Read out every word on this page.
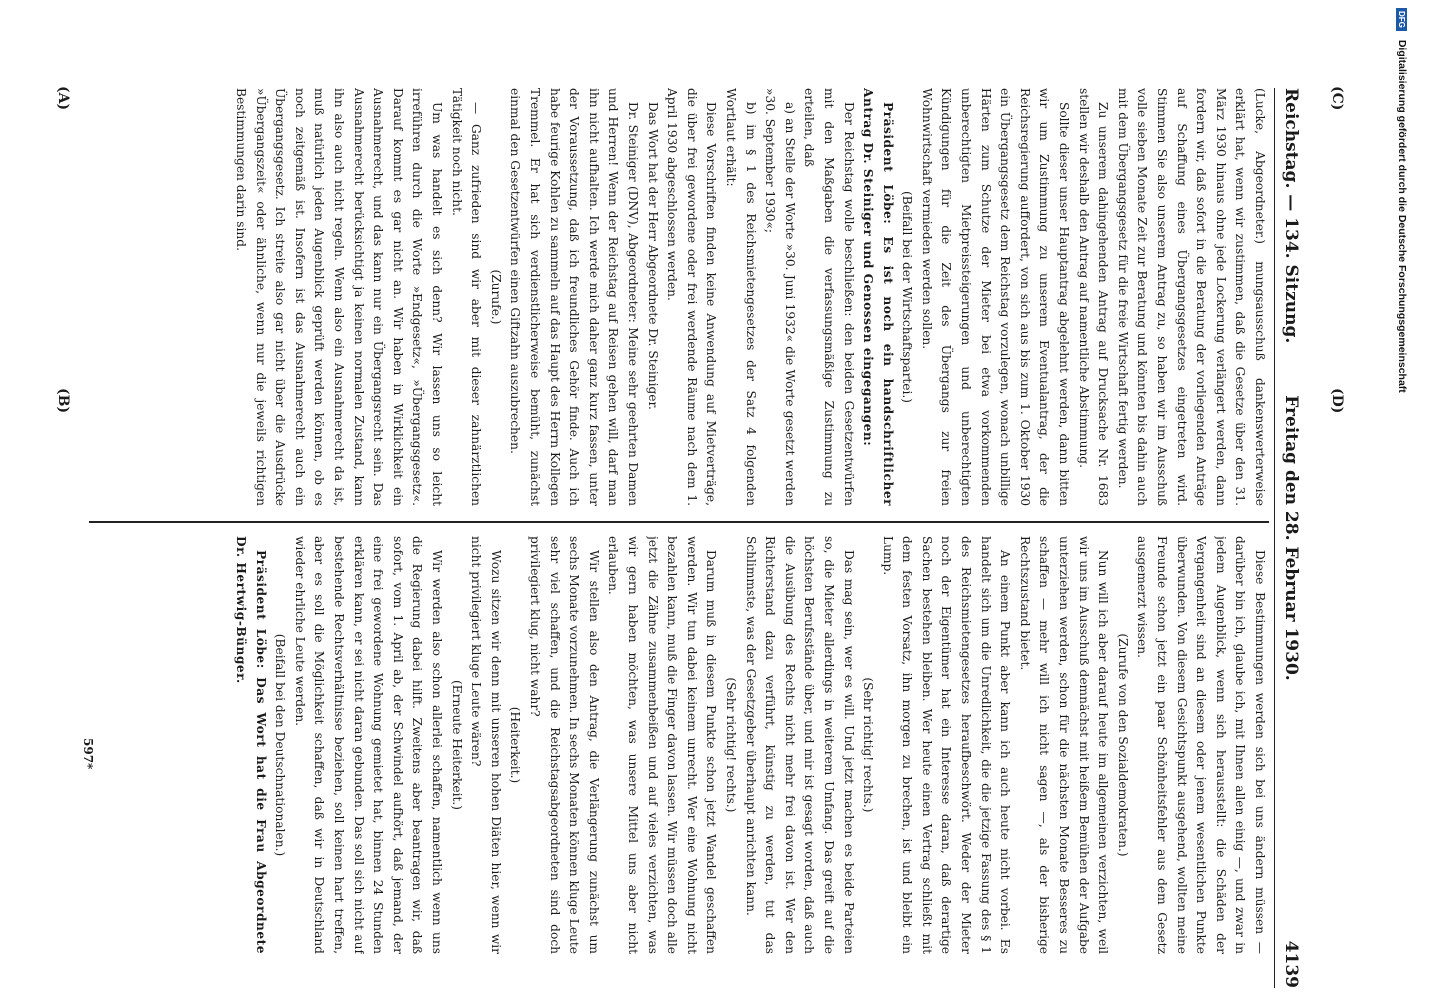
Reichstag. — 134. Sitzung.
Freitag den 28. Februar 1930.
4139

(Lucke, Abgeordneter.) mungsausschuß dankenswerterweise erklärt hat, wenn wir zustimmen, daß die Gesetze über den 31. März 1930 hinaus ohne jede Lockerung verlängert werden, dann fordern wir, daß sofort in die Beratung der vorliegenden Anträge auf Schaffung eines Übergangsgesetzes eingetreten wird. Stimmen Sie also unserem Antrag zu, so haben wir im Ausschuß volle sieben Monate Zeit zur Beratung und könnten bis dahin auch mit dem Übergangsgesetz für die freie Wirtschaft fertig werden.

Zu unserem dahingehenden Antrag auf Drucksache Nr. 1683 stellen wir deshalb den Antrag auf namentliche Abstimmung.

Sollte dieser unser Hauptantrag abgelehnt werden, dann bitten wir um Zustimmung zu unserem Eventualantrag, der die Reichsregierung auffordert, von sich aus bis zum 1. Oktober 1930 ein Übergangsgesetz dem Reichstag vorzulegen, wonach unbillige Härten zum Schutze der Mieter bei etwa vorkommenden unberechtigten Mietpreissteigerungen und unberechtigten Kündigungen für die Zeit des Übergangs zur freien Wohnwirtschaft vermieden werden sollen.

(Beifall bei der Wirtschaftspartei.)

Präsident Löbe: Es ist noch ein handschriftlicher Antrag Dr. Steiniger und Genossen eingegangen:

Der Reichstag wolle beschließen: den beiden Gesetzentwürfen mit den Maßgaben die verfassungsmäßige Zustimmung zu erteilen, daß

a) an Stelle der Worte »30. Juni 1932« die Worte gesetzt werden »30. September 1930«;

b) im § 1 des Reichsmietengesetzes der Satz 4 folgenden Wortlaut erhält:

Diese Vorschriften finden keine Anwendung auf Mietverträge, die über frei gewordene oder frei werdende Räume nach dem 1. April 1930 abgeschlossen werden.

Das Wort hat der Herr Abgeordnete Dr. Steiniger.

Dr. Steiniger (DNV), Abgeordneter: Meine sehr geehrten Damen und Herren! Wenn der Reichstag auf Reisen gehen will, darf man ihn nicht aufhalten. Ich werde mich daher ganz kurz fassen, unter der Voraussetzung, daß ich freundliches Gehör finde. Auch ich habe feurige Kohlen zu sammeln auf das Haupt des Herrn Kollegen Tremmel. Er hat sich verdienstlicherweise bemüht, zunächst einmal den Gesetzentwürfen einen Giftzahn auszubrechen.

(Zurufe.)

— Ganz zufrieden sind wir aber mit dieser zahnärztlichen Tätigkeit noch nicht.

Um was handelt es sich denn? Wir lassen uns so leicht irreführen durch die Worte »Endgesetz«, »Übergangsgesetz«. Darauf kommt es gar nicht an. Wir haben in Wirklichkeit ein Ausnahmerecht, und das kann nur ein Übergangsrecht sein. Das Ausnahmerecht berücksichtigt ja keinen normalen Zustand, kann ihn also auch nicht regeln. Wenn also ein Ausnahmerecht da ist, muß natürlich jeden Augenblick geprüft werden können, ob es noch zeitgemäß ist. Insofern ist das Ausnahmerecht auch ein Übergangsgesetz. Ich streite also gar nicht über die Ausdrücke »Übergangszeit« oder ähnliche, wenn nur die jeweils richtigen Bestimmungen darin sind.

Diese Bestimmungen werden sich bei uns ändern müssen — darüber bin ich, glaube ich, mit Ihnen allen einig —, und zwar in jedem Augenblick, wenn sich herausstellt: die Schäden der Vergangenheit sind an diesem oder jenem wesentlichen Punkte überwunden. Von diesem Gesichtspunkt ausgehend, wollten meine Freunde schon jetzt ein paar Schönheitsfehler aus dem Gesetz ausgemerzt wissen.

(Zurufe von den Sozialdemokraten.)

Nun will ich aber darauf heute im allgemeinen verzichten, weil wir uns im Ausschuß demnächst mit heißem Bemühen der Aufgabe unterziehen werden, schon für die nächsten Monate Besseres zu schaffen — mehr will ich nicht sagen —, als der bisherige Rechtszustand bietet.

An einem Punkt aber kann ich auch heute nicht vorbei. Es handelt sich um die Unredlichkeit, die die jetzige Fassung des § 1 des Reichsmietengesetzes heraufbeschwört. Weder der Mieter noch der Eigentümer hat ein Interesse daran, daß derartige Sachen bestehen bleiben. Wer heute einen Vertrag schließt mit dem festen Vorsatz, ihn morgen zu brechen, ist und bleibt ein Lump.

(Sehr richtig! rechts.)

Das mag sein, wer es will. Und jetzt machen es beide Parteien so, die Mieter allerdings in weiterem Umfang. Das greift auf die höchsten Berufsstände über, und mir ist gesagt worden, daß auch die Ausübung des Rechts nicht mehr frei davon ist. Wer den Richterstand dazu verführt, künstig zu werden, tut das Schlimmste, was der Gesetzgeber überhaupt anrichten kann.

(Sehr richtig! rechts.)

Darum muß in diesem Punkte schon jetzt Wandel geschaffen werden. Wir tun dabei keinem unrecht. Wer eine Wohnung nicht bezahlen kann, muß die Finger davon lassen. Wir müssen doch alle jetzt die Zähne zusammenbeißen und auf vieles verzichten, was wir gern haben möchten, was unsere Mittel uns aber nicht erlauben.

Wir stellen also den Antrag, die Verlängerung zunächst um sechs Monate vorzunehmen. In sechs Monaten können kluge Leute sehr viel schaffen, und die Reichstagsabgeordneten sind doch privilegiert klug, nicht wahr?

(Heiterkeit.)

Wozu sitzen wir denn mit unseren hohen Diäten hier, wenn wir nicht privilegiert kluge Leute wären?

(Erneute Heiterkeit.)

Wir werden also schon allerlei schaffen, namentlich wenn uns die Regierung dabei hilft. Zweitens aber beantragen wir, daß sofort, vom 1. April ab, der Schwindel aufhört, daß jemand, der eine frei gewordene Wohnung gemietet hat, binnen 24 Stunden erklären kann, er sei nicht daran gebunden. Das soll sich nicht auf bestehende Rechtsverhältnisse beziehen, soll keinen hart treffen, aber es soll die Möglichkeit schaffen, daß wir in Deutschland wieder ehrliche Leute werden.

(Beifall bei den Deutschnationalen.)

Präsident Löbe: Das Wort hat die Frau Abgeordnete Dr. Hertwig-Bünger.

(A)
(B)
(C)
(D)
597*
DFG Digitalisierung gefördert durch die Deutsche Forschungsgemeinschaft
